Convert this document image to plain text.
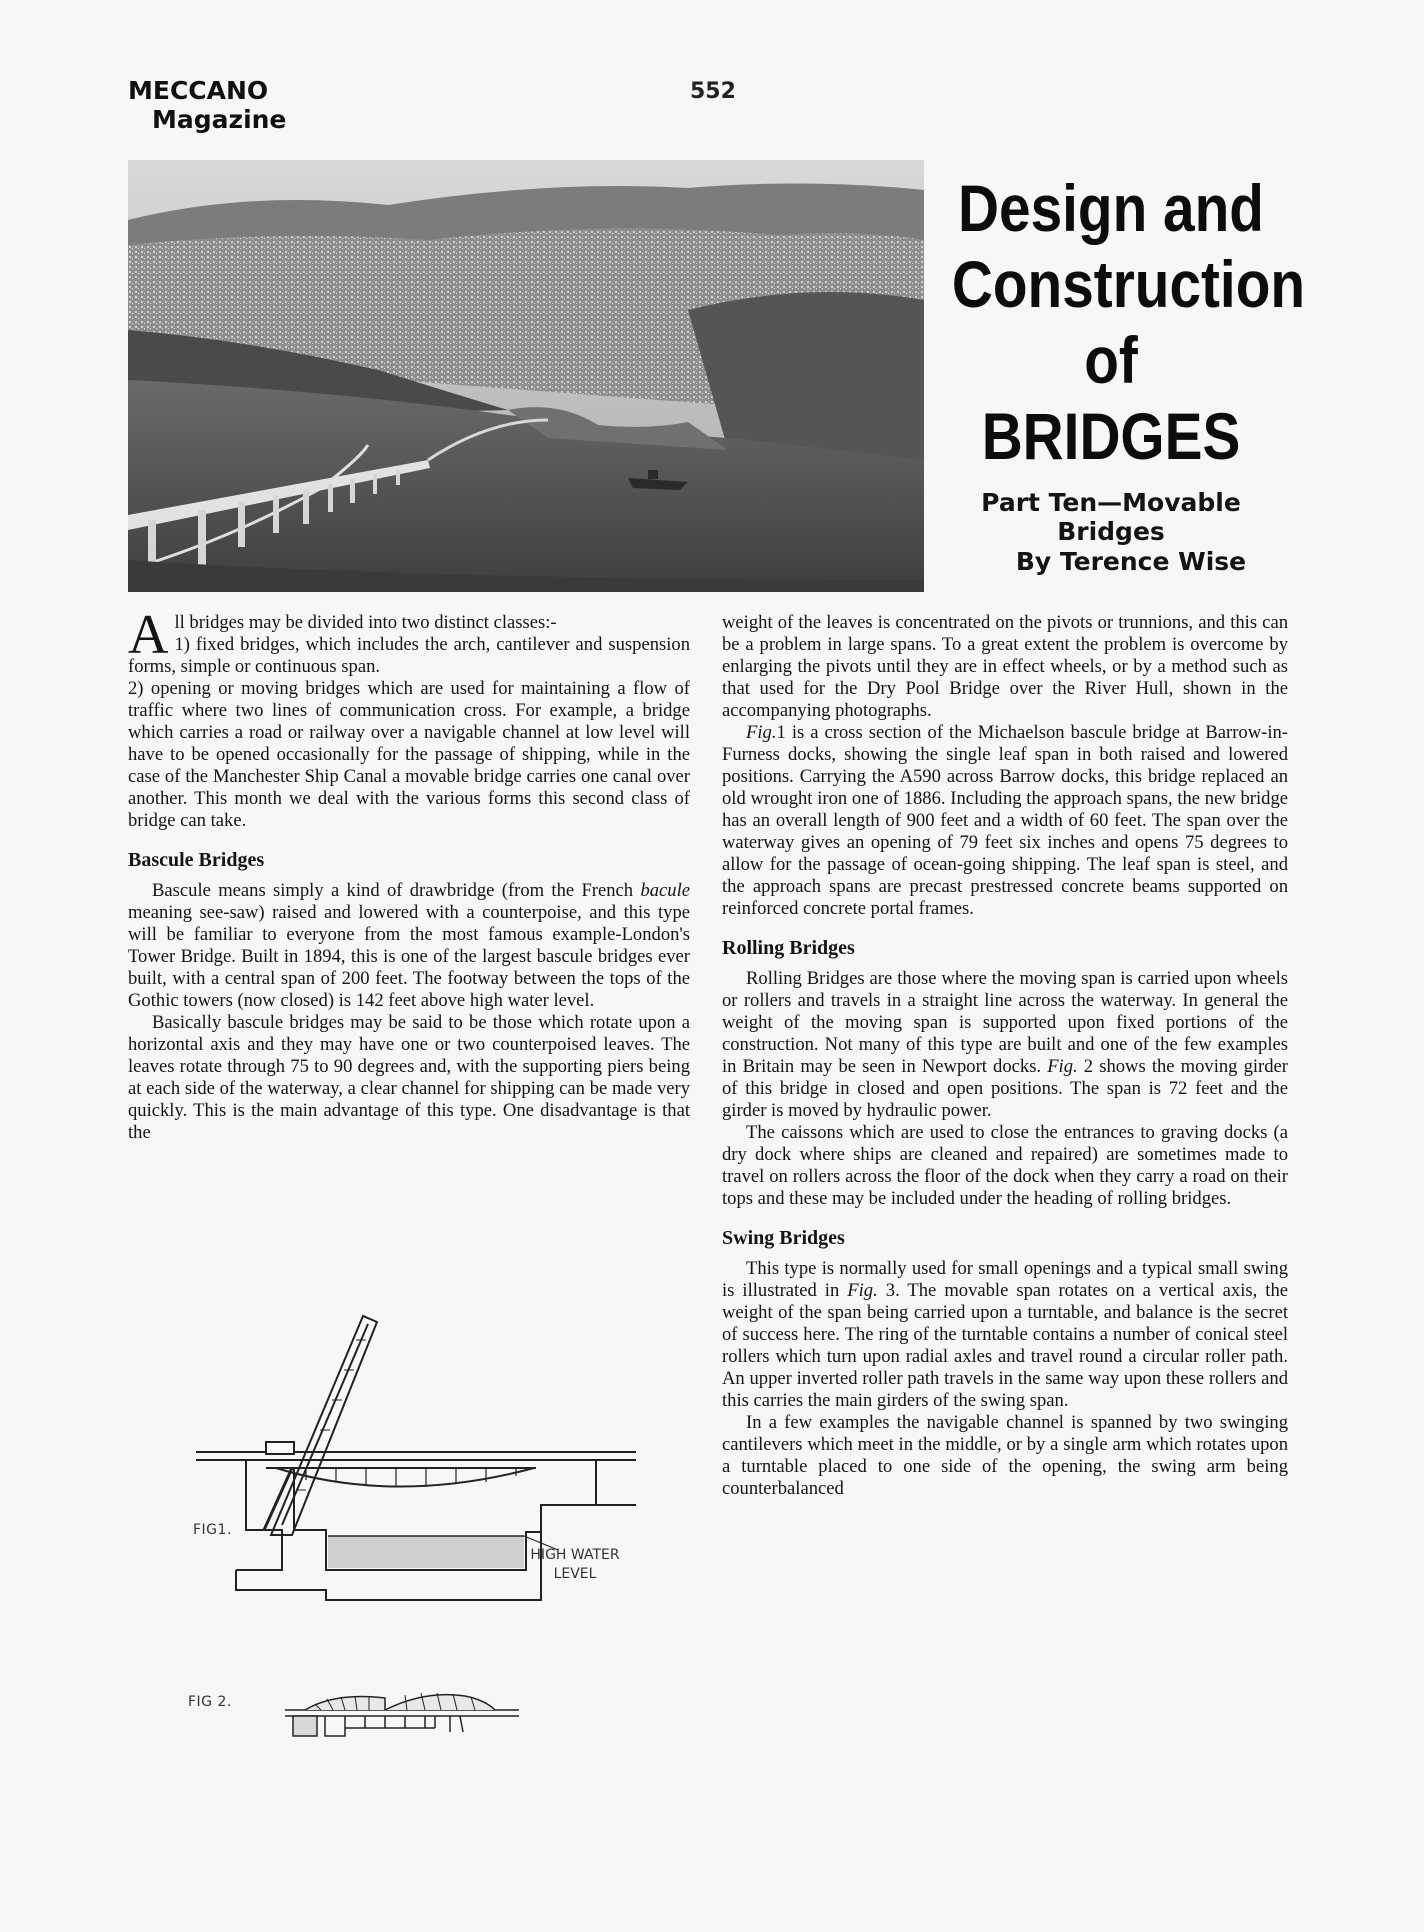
MECCANO
Magazine
552
Design and
Construction
of
BRIDGES
Part Ten—Movable Bridges
By Terence Wise

All bridges may be divided into two distinct classes:-

1) fixed bridges, which includes the arch, cantilever and suspension forms, simple or continuous span.

2) opening or moving bridges which are used for maintaining a flow of traffic where two lines of communication cross. For example, a bridge which carries a road or railway over a navigable channel at low level will have to be opened occasionally for the passage of shipping, while in the case of the Manchester Ship Canal a movable bridge carries one canal over another. This month we deal with the various forms this second class of bridge can take.

Bascule Bridges

Bascule means simply a kind of drawbridge (from the French bacule meaning see-saw) raised and lowered with a counterpoise, and this type will be familiar to everyone from the most famous example-London's Tower Bridge. Built in 1894, this is one of the largest bascule bridges ever built, with a central span of 200 feet. The footway between the tops of the Gothic towers (now closed) is 142 feet above high water level.

Basically bascule bridges may be said to be those which rotate upon a horizontal axis and they may have one or two counterpoised leaves. The leaves rotate through 75 to 90 degrees and, with the supporting piers being at each side of the waterway, a clear channel for shipping can be made very quickly. This is the main advantage of this type. One disadvantage is that the

weight of the leaves is concentrated on the pivots or trunnions, and this can be a problem in large spans. To a great extent the problem is overcome by enlarging the pivots until they are in effect wheels, or by a method such as that used for the Dry Pool Bridge over the River Hull, shown in the accompanying photographs.

Fig.1 is a cross section of the Michaelson bascule bridge at Barrow-in-Furness docks, showing the single leaf span in both raised and lowered positions. Carrying the A590 across Barrow docks, this bridge replaced an old wrought iron one of 1886. Including the approach spans, the new bridge has an overall length of 900 feet and a width of 60 feet. The span over the waterway gives an opening of 79 feet six inches and opens 75 degrees to allow for the passage of ocean-going shipping. The leaf span is steel, and the approach spans are precast prestressed concrete beams supported on reinforced concrete portal frames.

Rolling Bridges

Rolling Bridges are those where the moving span is carried upon wheels or rollers and travels in a straight line across the waterway. In general the weight of the moving span is supported upon fixed portions of the construction. Not many of this type are built and one of the few examples in Britain may be seen in Newport docks. Fig. 2 shows the moving girder of this bridge in closed and open positions. The span is 72 feet and the girder is moved by hydraulic power.

The caissons which are used to close the entrances to graving docks (a dry dock where ships are cleaned and repaired) are sometimes made to travel on rollers across the floor of the dock when they carry a road on their tops and these may be included under the heading of rolling bridges.

Swing Bridges

This type is normally used for small openings and a typical small swing is illustrated in Fig. 3. The movable span rotates on a vertical axis, the weight of the span being carried upon a turntable, and balance is the secret of success here. The ring of the turntable contains a number of conical steel rollers which turn upon radial axles and travel round a circular roller path. An upper inverted roller path travels in the same way upon these rollers and this carries the main girders of the swing span.

In a few examples the navigable channel is spanned by two swinging cantilevers which meet in the middle, or by a single arm which rotates upon a turntable placed to one side of the opening, the swing arm being counterbalanced

FIG1.
HIGH WATER
LEVEL
FIG 2.
